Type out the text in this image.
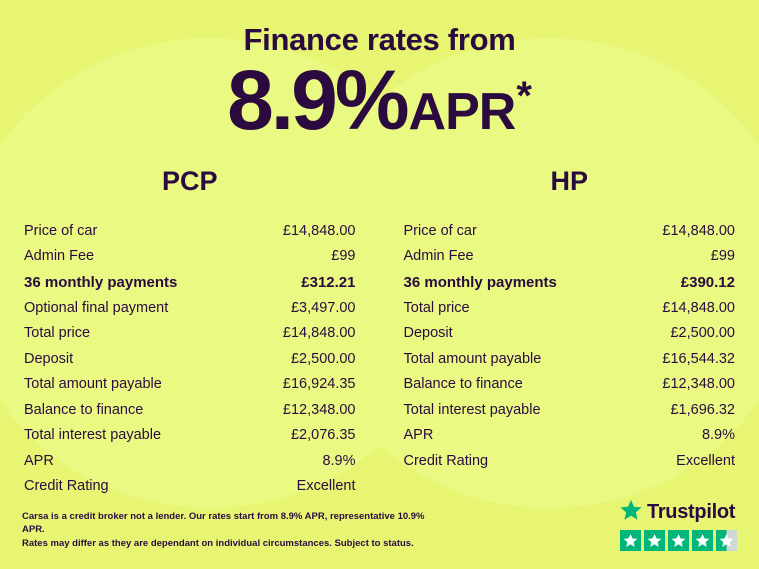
Finance rates from
8.9% APR *
PCP
Price of car	£14,848.00
Admin Fee	£99
36 monthly payments	£312.21
Optional final payment	£3,497.00
Total price	£14,848.00
Deposit	£2,500.00
Total amount payable	£16,924.35
Balance to finance	£12,348.00
Total interest payable	£2,076.35
APR	8.9%
Credit Rating	Excellent
HP
Price of car	£14,848.00
Admin Fee	£99
36 monthly payments	£390.12
Total price	£14,848.00
Deposit	£2,500.00
Total amount payable	£16,544.32
Balance to finance	£12,348.00
Total interest payable	£1,696.32
APR	8.9%
Credit Rating	Excellent
Carsa is a credit broker not a lender. Our rates start from 8.9% APR, representative 10.9% APR.
Rates may differ as they are dependant on individual circumstances. Subject to status.
Trustpilot
